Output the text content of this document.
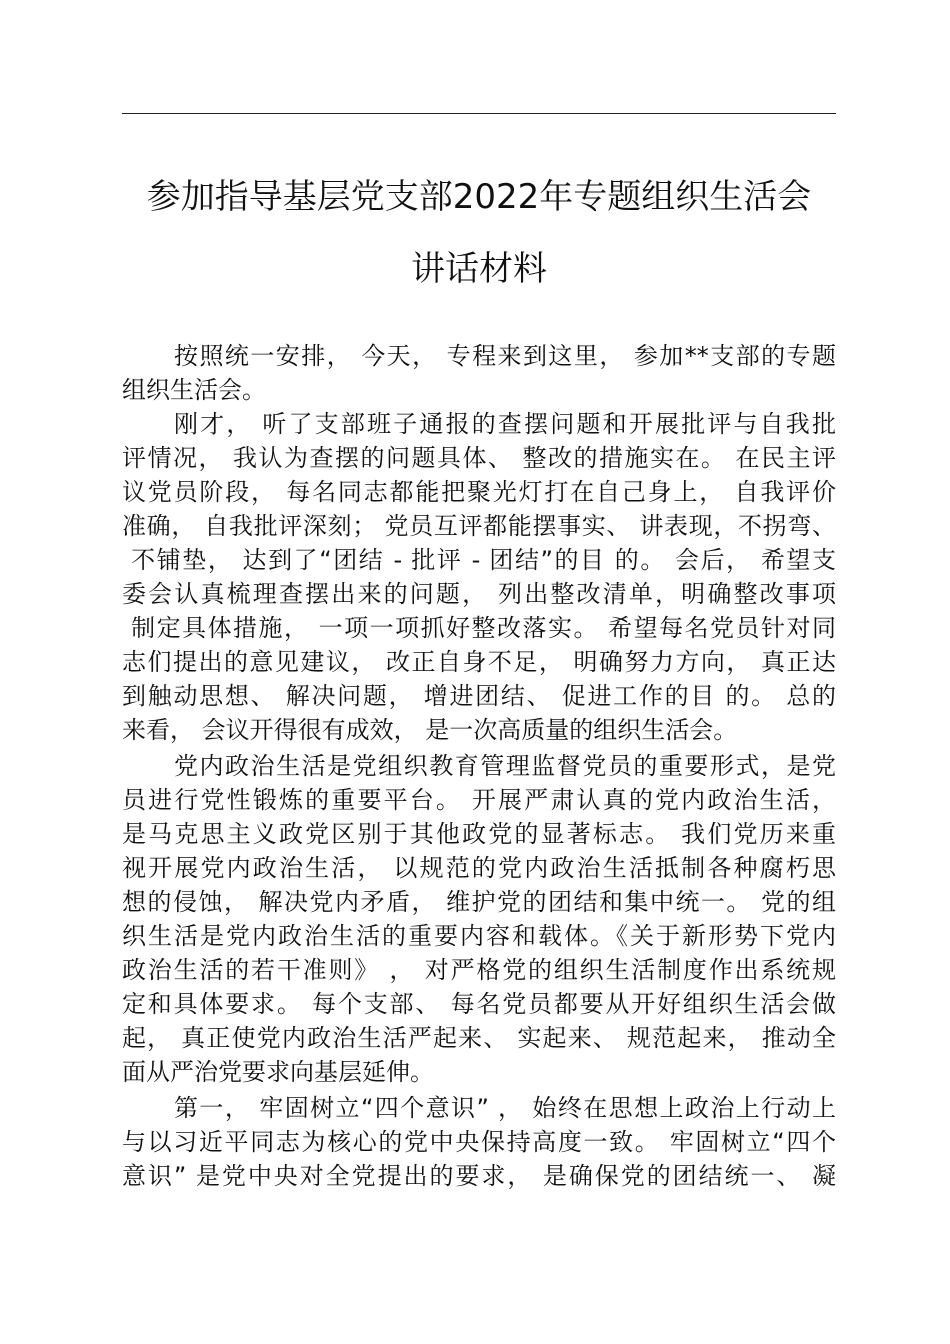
参加指导基层党支部2022年专题组织生活会
讲话材料
按照统一安排， 今天， 专程来到这里， 参加**支部的专题
组织生活会。
刚才， 听了支部班子通报的查摆问题和开展批评与自我批
评情况， 我认为查摆的问题具体、 整改的措施实在。 在民主评
议党员阶段， 每名同志都能把聚光灯打在自己身上， 自我评价
准确， 自我批评深刻； 党员互评都能摆事实、 讲表现，不拐弯、
不铺垫， 达到了“团结 - 批评 - 团结”的目 的。 会后， 希望支
委会认真梳理查摆出来的问题， 列出整改清单，明确整改事项
制定具体措施， 一项一项抓好整改落实。 希望每名党员针对同
志们提出的意见建议， 改正自身不足， 明确努力方向， 真正达
到触动思想、 解决问题， 增进团结、 促进工作的目 的。 总的
来看， 会议开得很有成效， 是一次高质量的组织生活会。
党内政治生活是党组织教育管理监督党员的重要形式，是党
员进行党性锻炼的重要平台。 开展严肃认真的党内政治生活，
是马克思主义政党区别于其他政党的显著标志。 我们党历来重
视开展党内政治生活， 以规范的党内政治生活抵制各种腐朽思
想的侵蚀， 解决党内矛盾， 维护党的团结和集中统一。 党的组
织生活是党内政治生活的重要内容和载体。《关于新形势下党内
政治生活的若干准则》 ， 对严格党的组织生活制度作出系统规
定和具体要求。 每个支部、 每名党员都要从开好组织生活会做
起， 真正使党内政治生活严起来、 实起来、 规范起来， 推动全
面从严治党要求向基层延伸。
第一， 牢固树立“四个意识” ， 始终在思想上政治上行动上
与以习近平同志为核心的党中央保持高度一致。 牢固树立“四个
意识” 是党中央对全党提出的要求， 是确保党的团结统一、 凝
